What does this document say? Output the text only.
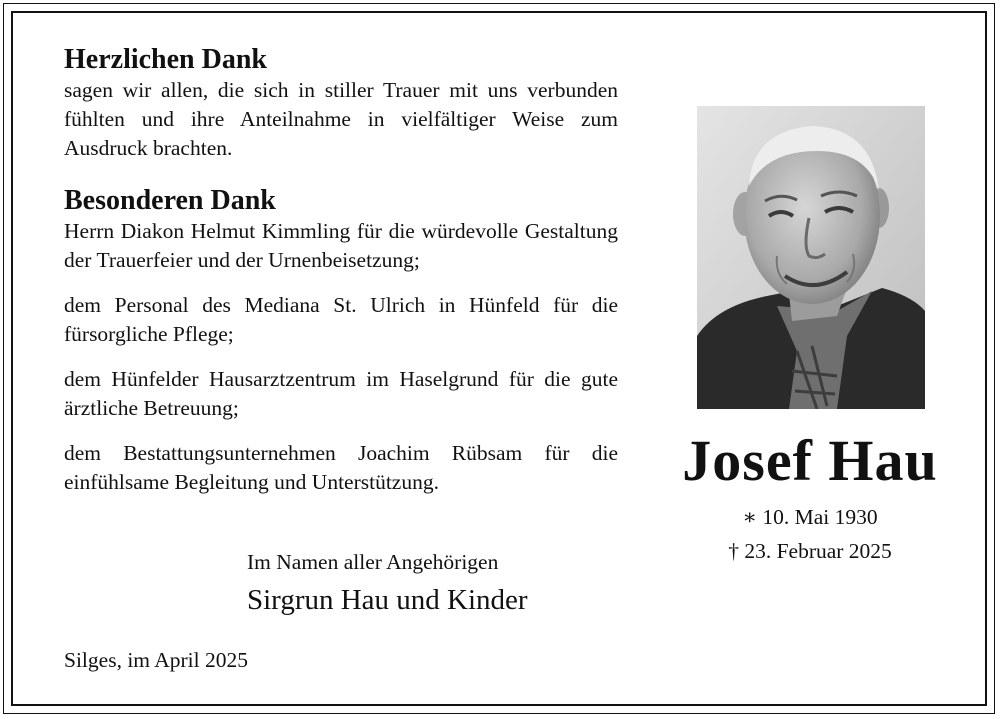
Herzlichen Dank

sagen wir allen, die sich in stiller Trauer mit uns verbunden fühlten und ihre Anteilnahme in vielfältiger Weise zum Ausdruck brachten.

Besonderen Dank

Herrn Diakon Helmut Kimmling für die würdevolle Gestaltung der Trauerfeier und der Urnenbeisetzung;

dem Personal des Mediana St. Ulrich in Hünfeld für die fürsorgliche Pflege;

dem Hünfelder Hausarztzentrum im Haselgrund für die gute ärztliche Betreuung;

dem Bestattungsunternehmen Joachim Rübsam für die einfühlsame Begleitung und Unterstützung.

Im Namen aller Angehörigen
Sirgrun Hau und Kinder
Silges, im April 2025
Josef Hau
∗ 10. Mai 1930
† 23. Februar 2025
